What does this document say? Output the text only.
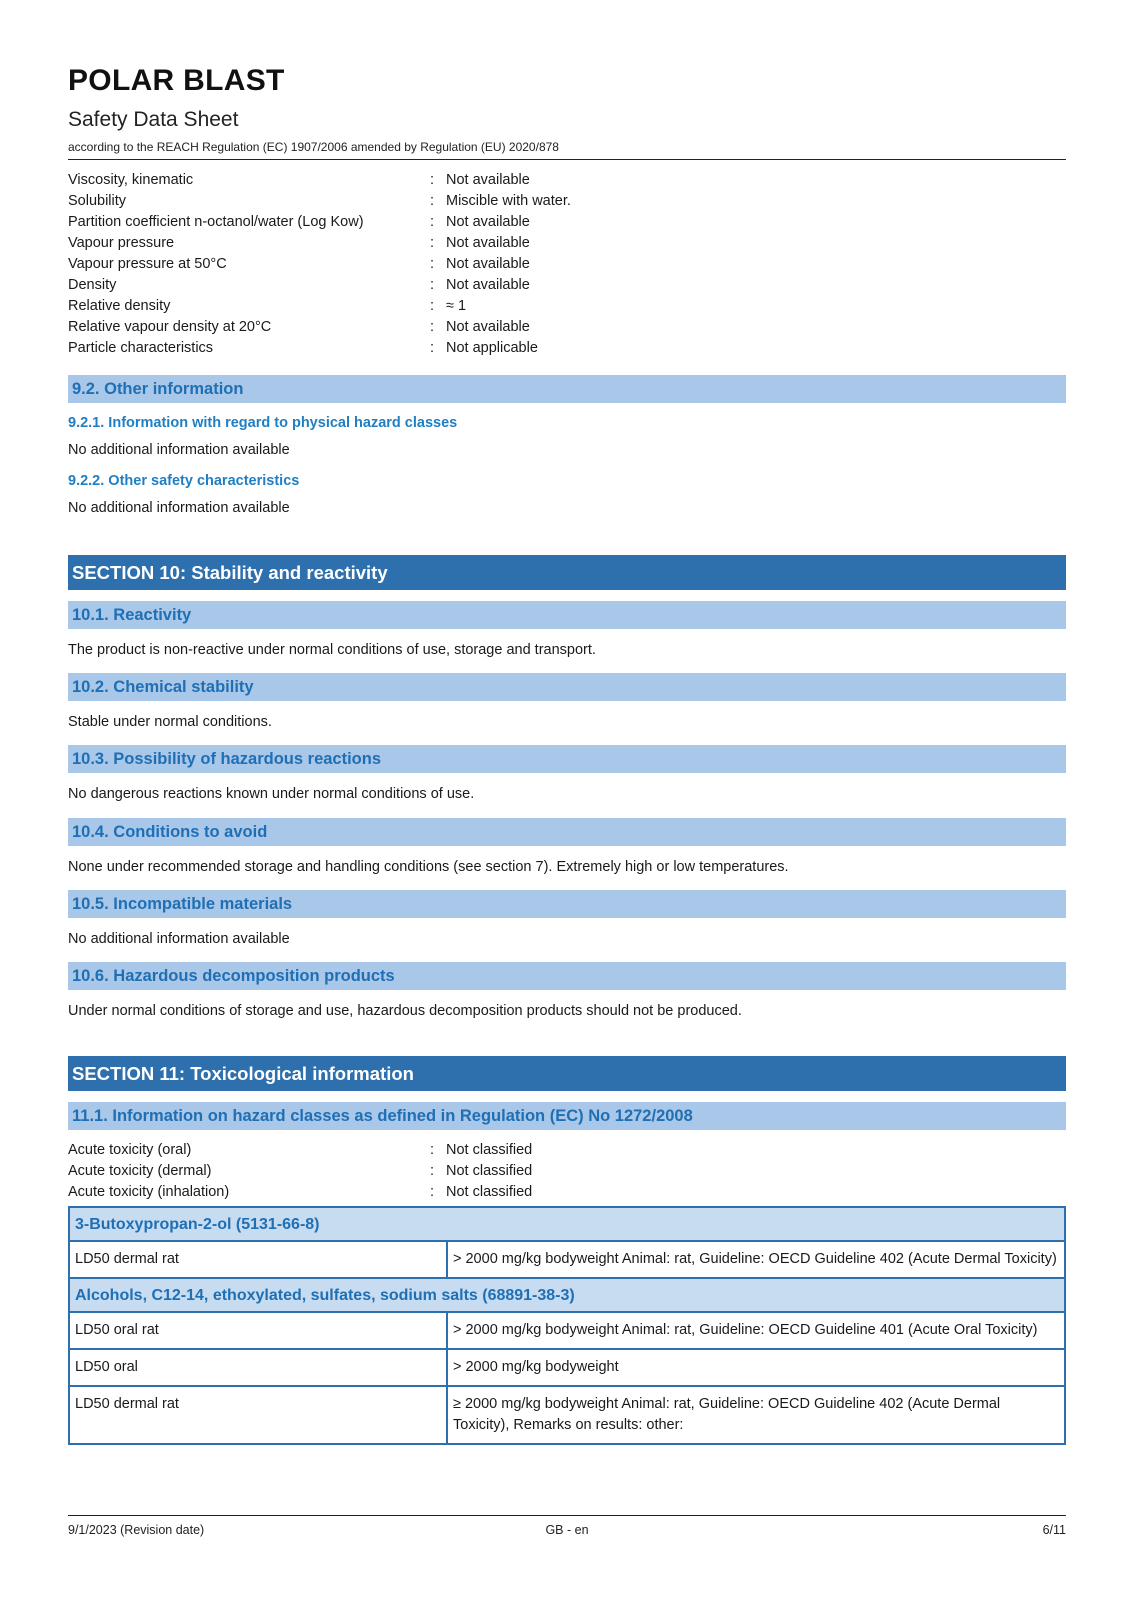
POLAR BLAST
Safety Data Sheet
according to the REACH Regulation (EC) 1907/2006 amended by Regulation (EU) 2020/878
Viscosity, kinematic	: Not available
Solubility	: Miscible with water.
Partition coefficient n-octanol/water (Log Kow)	: Not available
Vapour pressure	: Not available
Vapour pressure at 50°C	: Not available
Density	: Not available
Relative density	: ≈ 1
Relative vapour density at 20°C	: Not available
Particle characteristics	: Not applicable
9.2. Other information
9.2.1. Information with regard to physical hazard classes
No additional information available
9.2.2. Other safety characteristics
No additional information available
SECTION 10: Stability and reactivity
10.1. Reactivity
The product is non-reactive under normal conditions of use, storage and transport.
10.2. Chemical stability
Stable under normal conditions.
10.3. Possibility of hazardous reactions
No dangerous reactions known under normal conditions of use.
10.4. Conditions to avoid
None under recommended storage and handling conditions (see section 7). Extremely high or low temperatures.
10.5. Incompatible materials
No additional information available
10.6. Hazardous decomposition products
Under normal conditions of storage and use, hazardous decomposition products should not be produced.
SECTION 11: Toxicological information
11.1. Information on hazard classes as defined in Regulation (EC) No 1272/2008
Acute toxicity (oral)	: Not classified
Acute toxicity (dermal)	: Not classified
Acute toxicity (inhalation)	: Not classified
3-Butoxypropan-2-ol (5131-66-8)
LD50 dermal rat	> 2000 mg/kg bodyweight Animal: rat, Guideline: OECD Guideline 402 (Acute Dermal Toxicity)
Alcohols, C12-14, ethoxylated, sulfates, sodium salts (68891-38-3)
LD50 oral rat	> 2000 mg/kg bodyweight Animal: rat, Guideline: OECD Guideline 401 (Acute Oral Toxicity)
LD50 oral	> 2000 mg/kg bodyweight
LD50 dermal rat	≥ 2000 mg/kg bodyweight Animal: rat, Guideline: OECD Guideline 402 (Acute Dermal Toxicity), Remarks on results: other:
9/1/2023 (Revision date)	GB - en	6/11
